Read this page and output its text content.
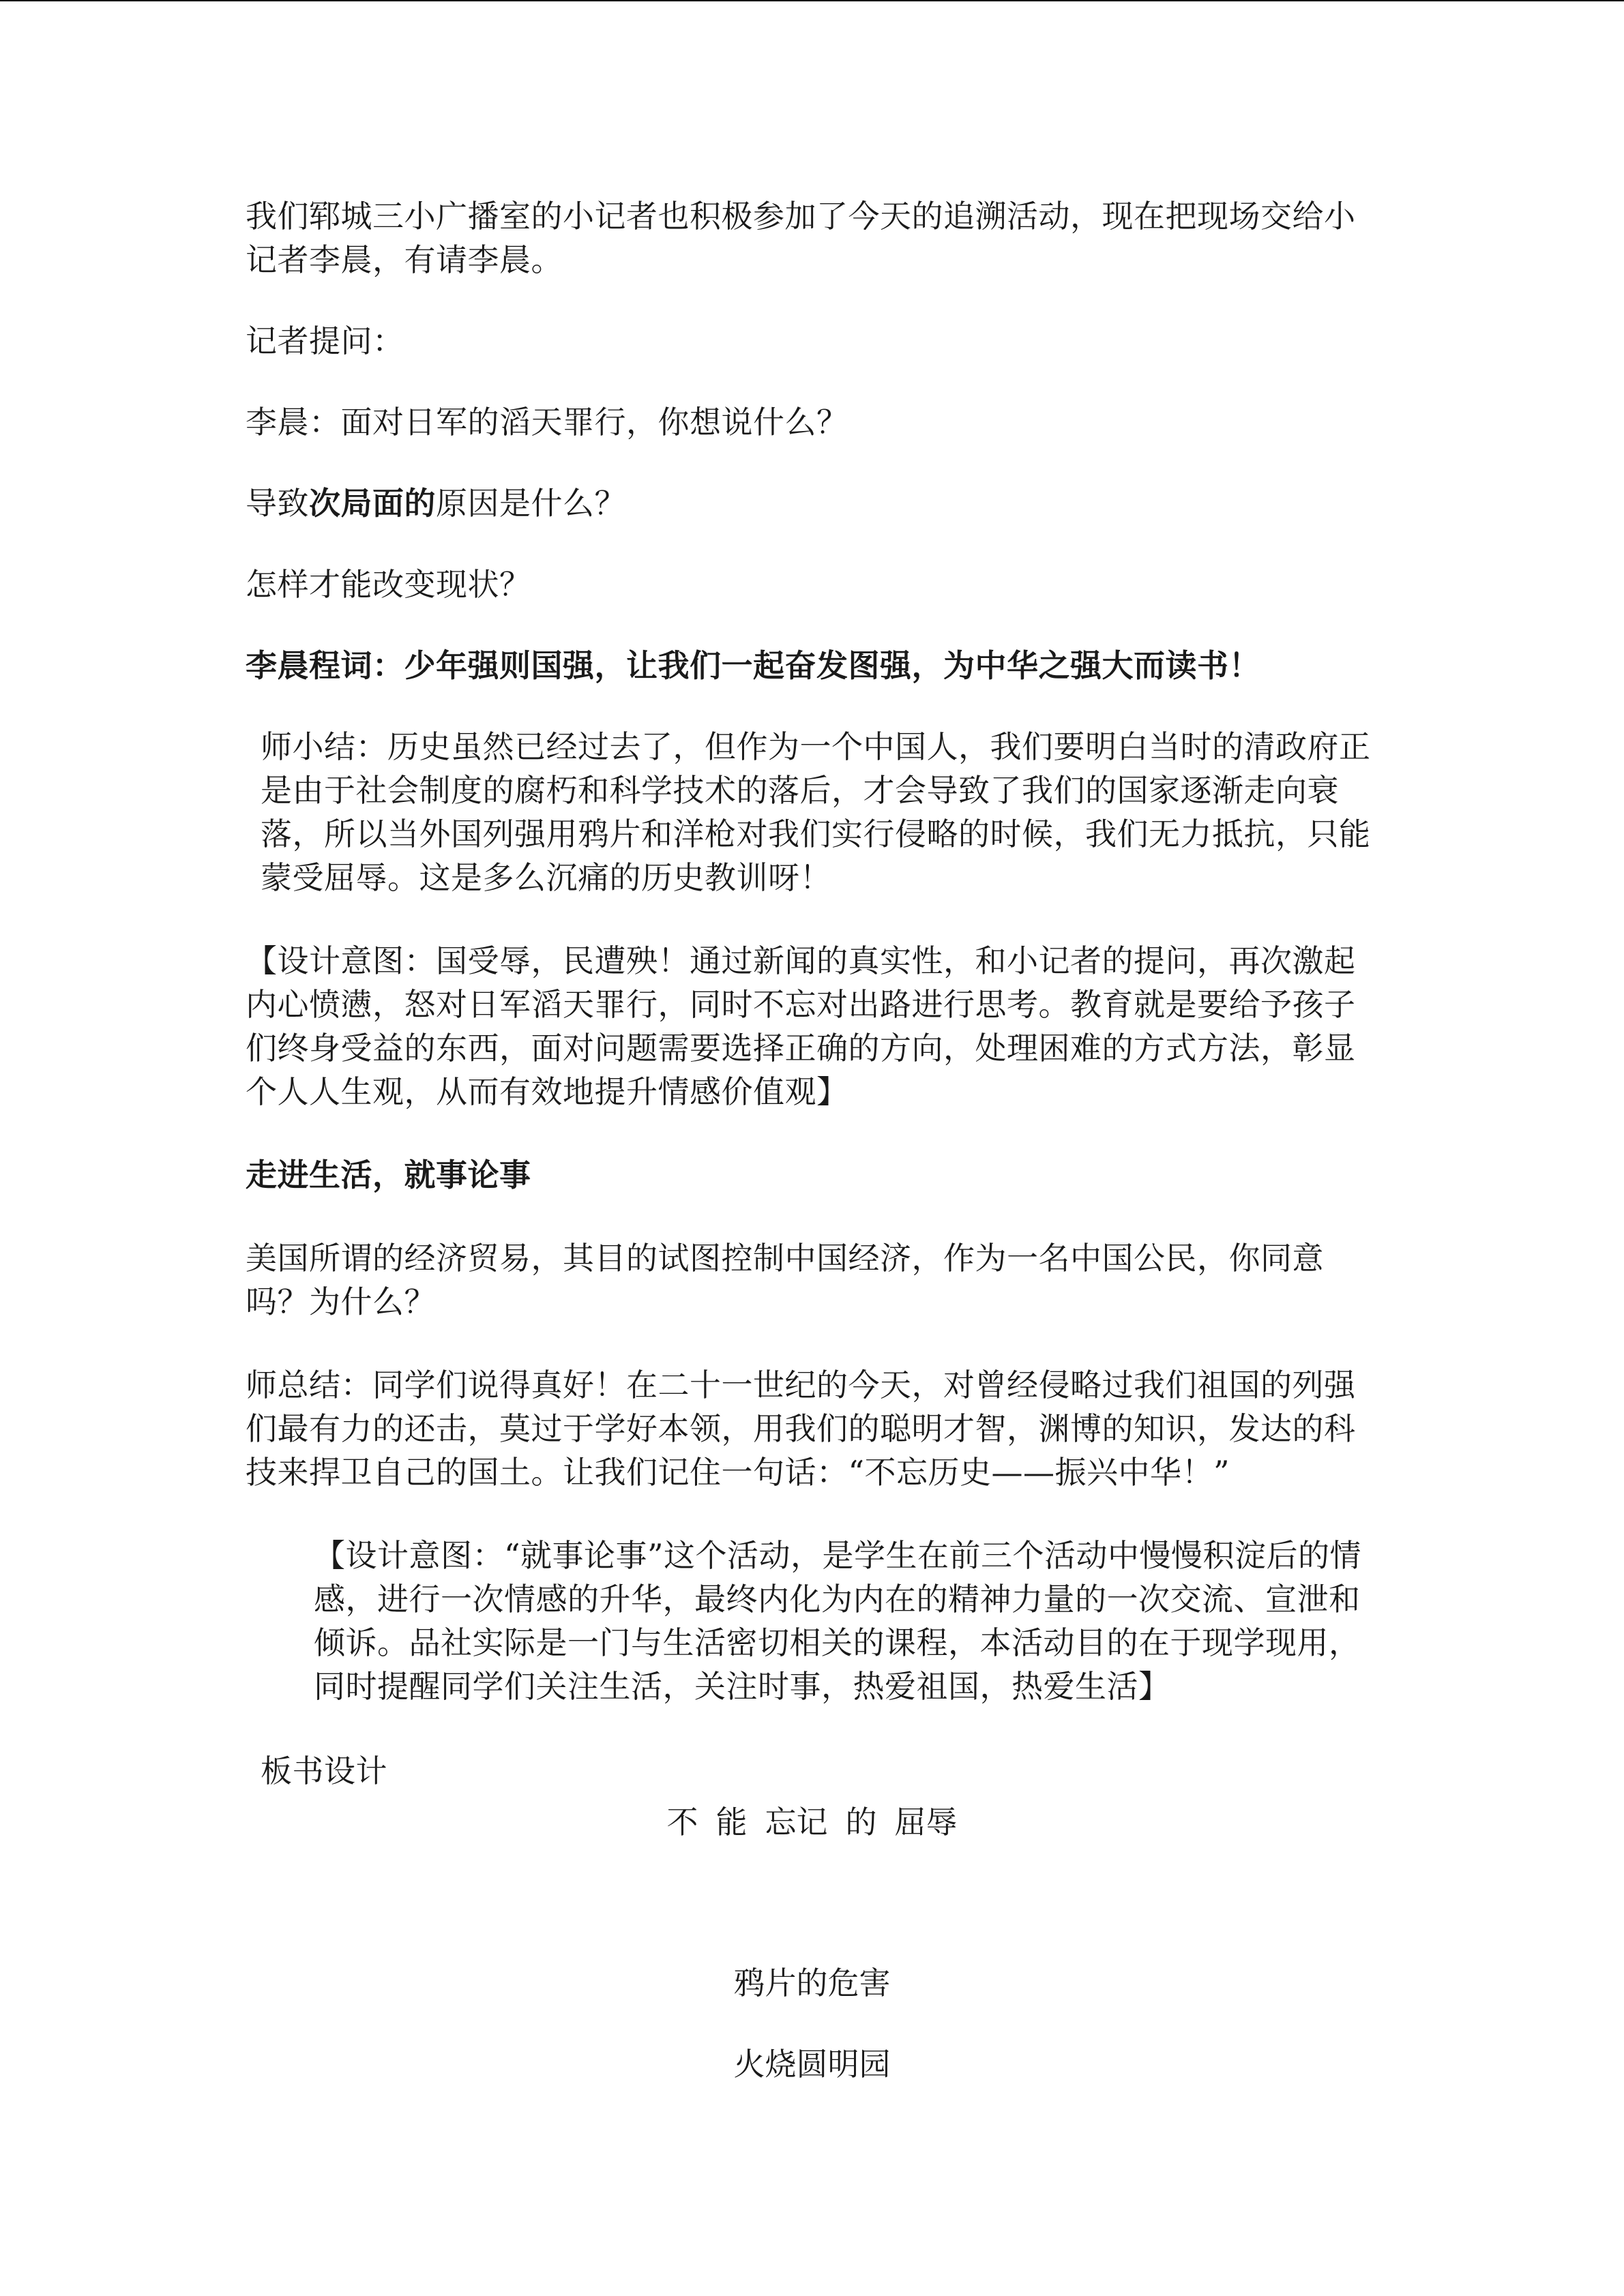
我们郓城三小广播室的小记者也积极参加了今天的追溯活动，现在把现场交给小记者李晨，有请李晨。

记者提问：

李晨：面对日军的滔天罪行，你想说什么？

导致次局面的原因是什么？

怎样才能改变现状？

李晨程词：少年强则国强，让我们一起奋发图强，为中华之强大而读书！

师小结：历史虽然已经过去了，但作为一个中国人，我们要明白当时的清政府正是由于社会制度的腐朽和科学技术的落后，才会导致了我们的国家逐渐走向衰落，所以当外国列强用鸦片和洋枪对我们实行侵略的时候，我们无力抵抗，只能蒙受屈辱。这是多么沉痛的历史教训呀！

【设计意图：国受辱，民遭殃！通过新闻的真实性，和小记者的提问，再次激起内心愤懑，怒对日军滔天罪行，同时不忘对出路进行思考。教育就是要给予孩子们终身受益的东西，面对问题需要选择正确的方向，处理困难的方式方法，彰显个人人生观，从而有效地提升情感价值观】

走进生活，就事论事

美国所谓的经济贸易，其目的试图控制中国经济，作为一名中国公民，你同意吗？为什么？

师总结：同学们说得真好！在二十一世纪的今天，对曾经侵略过我们祖国的列强们最有力的还击，莫过于学好本领，用我们的聪明才智，渊博的知识，发达的科技来捍卫自己的国土。让我们记住一句话：“不忘历史——振兴中华！”

【设计意图：“就事论事”这个活动，是学生在前三个活动中慢慢积淀后的情感，进行一次情感的升华，最终内化为内在的精神力量的一次交流、宣泄和倾诉。品社实际是一门与生活密切相关的课程，本活动目的在于现学现用，同时提醒同学们关注生活，关注时事，热爱祖国，热爱生活】

板书设计

不 能 忘记 的 屈辱
鸦片的危害
火烧圆明园
